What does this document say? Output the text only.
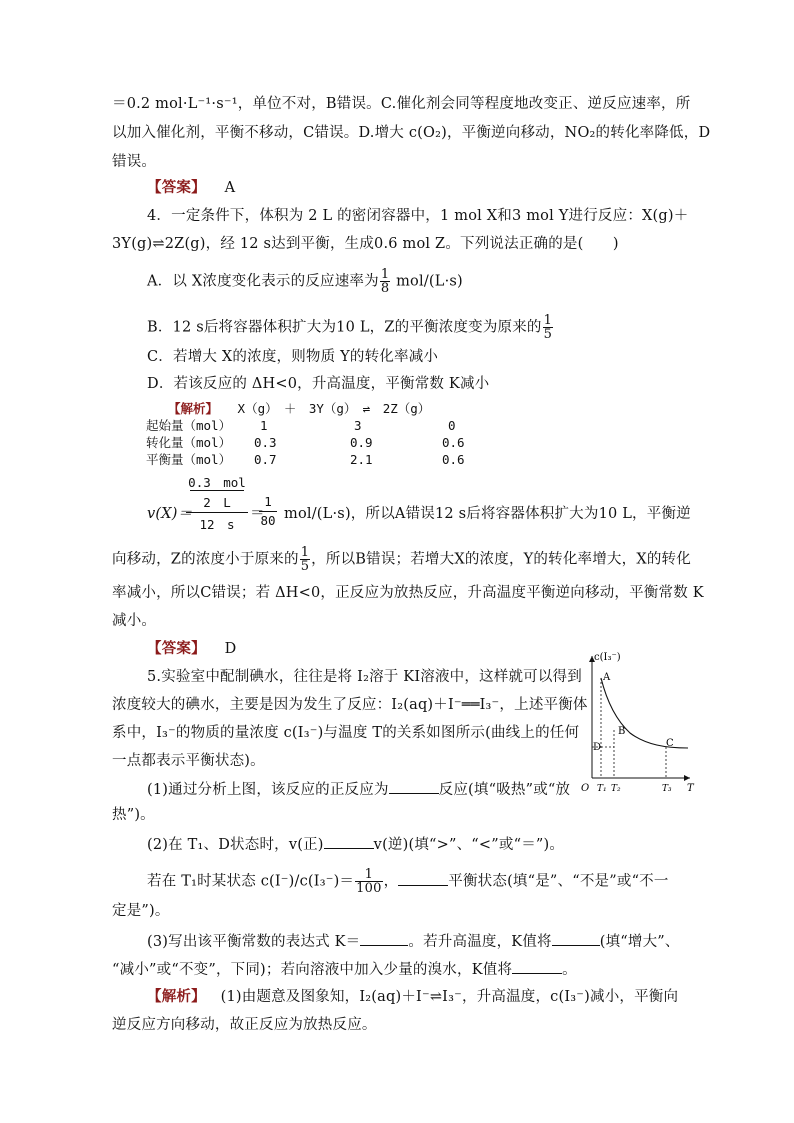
＝0.2 mol·L⁻¹·s⁻¹，单位不对，B错误。C.催化剂会同等程度地改变正、逆反应速率，所
以加入催化剂，平衡不移动，C错误。D.增大 c(O₂)，平衡逆向移动，NO₂的转化率降低，D
错误。
【答案】 A
4．一定条件下，体积为 2 L 的密闭容器中，1 mol X和3 mol Y进行反应：X(g)＋
3Y(g)⇌2Z(g)，经 12 s达到平衡，生成0.6 mol Z。下列说法正确的是(　　)
A．以 X浓度变化表示的反应速率为 $\frac{1}{8} mol/(L\cdot s)$
B．12 s后将容器体积扩大为10 L，Z的平衡浓度变为原来的 $\frac{1}{5}$
C．若增大 X的浓度，则物质 Y的转化率减小
D．若该反应的 ΔH<0，升高温度，平衡常数 K减小
【解析】 X（g）　＋　3Y（g）　⇌　2Z（g）
起始量（mol） 1	3	0
转化量（mol） 0.3	0.9	0.6
平衡量（mol） 0.7	2.1	0.6
v(X)＝
0.3　mol
2　L
12　s
＝
1
80 mol/(L·s)，所以A错误12 s后将容器体积扩大为10 L，平衡逆
向移动，Z的浓度小于原来的 $\frac{1}{5}$ ，所以B错误；若增大X的浓度，Y的转化率增大，X的转化
率减小，所以C错误；若 ΔH<0，正反应为放热反应，升高温度平衡逆向移动，平衡常数 K
减小。
【答案】 D
5.实验室中配制碘水，往往是将 I₂溶于 KI溶液中，这样就可以得到
浓度较大的碘水，主要是因为发生了反应：I₂(aq)＋I⁻══I₃⁻，上述平衡体
系中，I₃⁻的物质的量浓度 c(I₃⁻)与温度 T的关系如图所示(曲线上的任何
一点都表示平衡状态)。
(1)通过分析上图，该反应的正反应为	反应(填“吸热”或“放
热”)。
(2)在 T₁、D状态时，v(正)	v(逆)(填“>”、“<”或“＝”)。
若在 T₁时某状态 $c(I^-)/c(I_3^-)= \frac{1}{100}$ ，	平衡状态(填“是”、“不是”或“不一
定是”)。
(3)写出该平衡常数的表达式 K＝	。若升高温度，K值将	(填“增大”、
“减小”或“不变”，下同)；若向溶液中加入少量的溴水，K值将	。
【解析】 (1)由题意及图象知，I₂(aq)＋I⁻⇌I₃⁻，升高温度，c(I₃⁻)减小，平衡向
逆反应方向移动，故正反应为放热反应。
c(I₃⁻)
T
O
A
B
C
D
T₁ T₂	T₃
